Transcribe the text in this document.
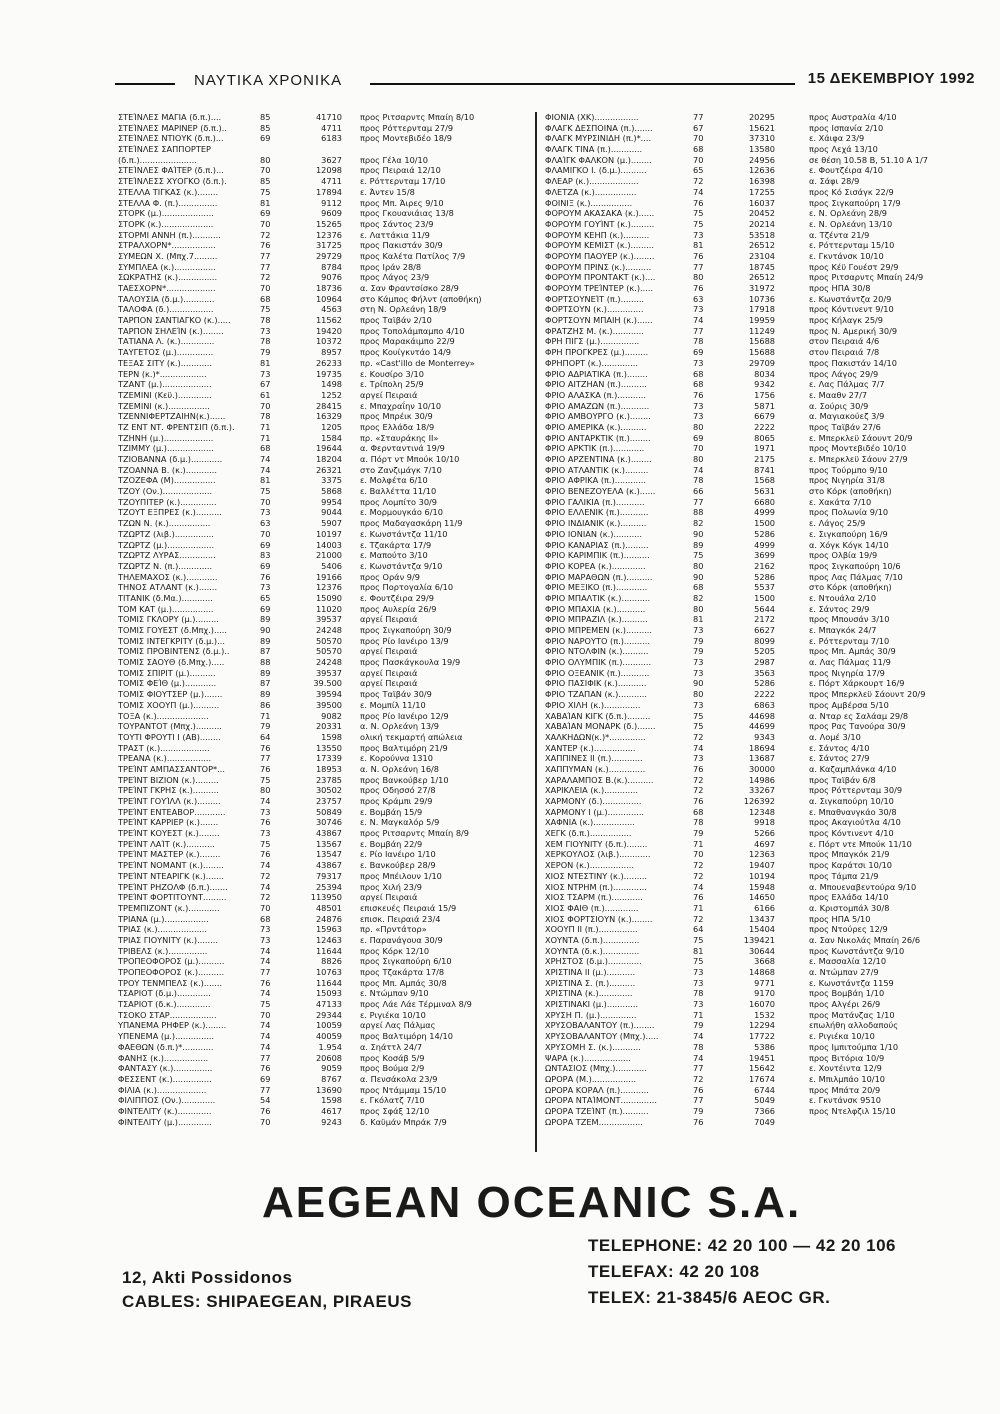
ΝΑΥΤΙΚΑ ΧΡΟΝΙΚΑ	15 ΔΕΚΕΜΒΡΙΟΥ 1992
ΣΤΕΊΝΛΕΣ ΜΑΓΙΑ (δ.π.)....	85	41710 προς Ριτσαρντς Μπαίη 8/10
ΣΤΕΊΝΛΕΣ ΜΑΡΙΝΕΡ (δ.π.)..	85	4711 προς Ρόττερνταμ 27/9
ΣΤΕΊΝΛΕΣ ΝΤΙΟΥΚ (δ.π.)...	69	6183 προς Μοντεβιδέο 18/9
ΣΤΕΊΝΛΕΣ ΣΑΠΠΟΡΤΕΡ
(δ.π.)......................	80	3627 προς Γέλα 10/10
ΣΤΕΊΝΛΕΣ ΦΑΊΤΕΡ (δ.π.)...	70	12098 προς Πειραιά 12/10
ΣΤΕΊΝΛΕΣΣ ΧΥΟΓΚΟ (δ.π.).	85	4711 ε. Ρόττερνταμ 17/10
ΣΤΕΛΛΑ ΤΙΓΚΑΣ (κ.)........	75	17894 ε. Άντεν 15/8
ΣΤΕΛΛΑ Φ. (π.)...............	81	9112 προς Μπ. Άιρες 9/10
ΣΤΟΡΚ (μ.)....................	69	9609 προς Γκουανιάιας 13/8
ΣΤΟΡΚ (κ.)....................	70	15265 προς Σάντος 23/9
ΣΤΟΡΜΙ ΑΝΝΗ (π.)...........	72	12376 ε. Λαττάκια 11/9
ΣΤΡΑΛΧΟΡΝ*.................	76	31725 προς Πακιστάν 30/9
ΣΥΜΕΩΝ Χ. (Μπχ.7.........	77	29729 προς Καλέτα Πατίλος 7/9
ΣΥΜΠΛΕΑ (κ.)................	77	8784 προς Ιράν 28/8
ΣΩΚΡΑΤΗΣ (κ.)...............	72	9076 προς Λάγος 23/9
ΤΑΕΣΧΟΡΝ*...................	70	18736 α. Σαν Φραντσίσκο 28/9
ΤΑΛΟΥΣΙΑ (δ.μ.)............	68	10964 στο Κάμπος Φήλντ (αποθήκη)
ΤΑΛΟΦΑ (δ.).................	75	4563 στη Ν. Ορλεάνη 18/9
ΤΑΡΠΟΝ ΣΑΝΤΙΑΓΚΟ (κ.).....	78	11562 προς Ταϊβάν 2/10
ΤΑΡΠΟΝ ΣΗΛΕΊΝ (κ.)........	73	19420 προς Τοπολάμπαμπο 4/10
ΤΑΤΙΑΝΑ Λ. (κ.).............	78	10372 προς Μαρακάιμπο 22/9
ΤΑΥΓΕΤΟΣ (μ.)..............	79	8957 προς Κουίγκντάο 14/9
ΤΕΞΑΣ ΣΙΤΥ (κ.)............	81	26233 πρ. «Cast'illo de Monterrey»
ΤΕΡΝ (κ.)*..................	73	19735 ε. Κουσίρο 3/10
ΤΖΑΝΤ (μ.)...................	67	1498 ε. Τρίπολη 25/9
ΤΖΕΜΙΝΙ (Κεϋ.).............	61	1252 αργεί Πειραιά
ΤΖΕΜΙΝΙ (κ.)................	70	28415 ε. Μπαχραΐην 10/10
ΤΖΕΝΝΙΦΕΡΤΖΑΙΗΝ(κ.)......	78	16329 προς Μπρέικ 30/9
ΤΖ ΕΝΤ ΝΤ. ΦΡΕΝΤΣΙΠ (δ.π.).	71	1205 προς Ελλάδα 18/9
ΤΖΗΝΗ (μ.)...................	71	1584 πρ. «Σταυράκης ΙΙ»
ΤΖΙΜΜΥ (μ.)..................	68	19644 α. Φερνταντινά 19/9
ΤΖΙΟΒΑΝΝΑ (δ.μ.)............	74	18204 α. Πόρτ ντ Μπούκ 10/10
ΤΖΟΑΝΝΑ Β. (κ.)............	74	26321 στο Ζανζιμάγκ 7/10
ΤΖΟΖΕΦΑ (Μ)................	81	3375 ε. Μολφέτα 6/10
ΤΖΟΥ (Ον.)...................	75	5868 ε. Βαλλέττα 11/10
ΤΖΟΥΠΙΤΕΡ (κ.)..............	70	9954 προς Λομπίτο 30/9
ΤΖΟΥΤ ΕΞΠΡΕΣ (κ.)..........	73	9044 ε. Μορμουγκάο 6/10
ΤΖΩΝ Ν. (κ.)................	63	5907 προς Μαδαγασκάρη 11/9
ΤΖΩΡΤΖ (λιβ.)...............	70	10197 ε. Κωνστάντζα 11/10
ΤΖΩΡΤΖ (μ.)..................	69	14003 ε. Τζακάρτα 17/9
ΤΖΩΡΤΖ ΛΥΡΑΣ..............	83	21000 ε. Μαπούτο 3/10
ΤΖΩΡΤΖ Ν. (π.).............	69	5406 ε. Κωνστάντζα 9/10
ΤΗΛΕΜΑΧΟΣ (κ.)............	76	19166 προς Οράν 9/9
ΤΗΝΟΣ ΑΤΛΑΝΤ (κ.).......	73	12376 προς Πορτογαλία 6/10
ΤΙΤΑΝΙΚ (δ.Μα.)............	65	15090 ε. Φουτζέιρα 29/9
ΤΟΜ ΚΑΤ (μ.)................	69	11020 προς Αυλερία 26/9
ΤΟΜΙΣ ΓΚΛΟΡΥ (μ.).........	89	39537 αργεί Πειραιά
ΤΟΜΙΣ ΓΟΥΕΣΤ (δ.Μπχ.).....	90	24248 προς Σιγκαπούρη 30/9
ΤΟΜΙΣ ΙΝΤΕΓΚΡΙΤΥ (δ.μ.)...	89	50570 προς Ρίο Ιανέιρο 13/9
ΤΟΜΙΣ ΠΡΟΒΙΝΤΕΝΣ (δ.μ.)..	87	50570 αργεί Πειραιά
ΤΟΜΙΣ ΣΑΟΥΘ (δ.Μπχ.).....	88	24248 προς Πασκάγκουλα 19/9
ΤΟΜΙΣ ΣΠΙΡΙΤ (μ.)..........	89	39537 αργεί Πειραιά
ΤΟΜΙΣ ΦΕΊΘ (μ.)............	87	39.500 αργεί Πειραιά
ΤΟΜΙΣ ΦΙΟΥΤΣΕΡ (μ.).......	89	39594 προς Ταϊβάν 30/9
ΤΟΜΙΣ ΧΟΟΥΠ (μ.)..........	86	39500 ε. Μομπίλ 11/10
ΤΟΞΑ (κ.)....................	71	9082 προς Ρίο Ιανέιρο 12/9
ΤΟΥΡΑΝΤΟΤ (Μπχ.)..........	79	20331 α. Ν. Ορλεάνη 13/9
ΤΟΥΤΙ ΦΡΟΥΤΙ Ι (ΑΒ)........	64	1598 ολική τεκμαρτή απώλεια
ΤΡΑΣΤ (κ.)...................	76	13550 προς Βαλτιμόρη 21/9
ΤΡΕΑΝΑ (κ.).................	77	17339 ε. Κορούννα 1310
ΤΡΕΊΝΤ ΑΜΠΑΣΣΑΝΤΟΡ*...	76	18953 α. Ν. Ορλεάνη 16/8
ΤΡΕΊΝΤ ΒΙΖΙΟΝ (κ.).........	75	23785 προς Βανκούβερ 1/10
ΤΡΕΊΝΤ ΓΚΡΗΣ (κ.)..........	80	30502 προς Οδησσό 27/8
ΤΡΕΊΝΤ ΓΟΥΊΛΛ (κ.).........	74	23757 προς Κράμπι 29/9
ΤΡΕΊΝΤ ΕΝΤΕΑΒΟΡ............	73	50849 ε. Βομβάη 15/9
ΤΡΕΊΝΤ ΚΑΡΡΙΕΡ (κ.).......	76	30746 ε. Ν. Μαγκαλόρ 5/9
ΤΡΕΊΝΤ ΚΟΥΕΣΤ (κ.)........	73	43867 προς Ριτσαρντς Μπαίη 8/9
ΤΡΕΊΝΤ ΛΑΊΤ (κ.)...........	75	13567 ε. Βομβάη 22/9
ΤΡΕΊΝΤ ΜΑΣΤΕΡ (κ.)........	76	13547 ε. Ρίο Ιανέιρο 1/10
ΤΡΕΊΝΤ ΝΟΜΑΝΤ (κ.)........	74	43867 ε. Βανκούβερ 28/9
ΤΡΕΊΝΤ ΝΤΕΑΡΙΓΚ (κ.).......	72	79317 προς Μπέιλουν 1/10
ΤΡΕΊΝΤ ΡΗΖΟΛΦ (δ.π.).......	74	25394 προς Χιλή 23/9
ΤΡΕΊΝΤ ΦΟΡΤΙΤΟΥΝΤ.........	72	113950 αργεί Πειραιά
ΤΡΕΜΠΙΖΟΝΤ (κ.)............	70	48501 επισκευές Πειραιά 15/9
ΤΡΙΑΝΑ (μ.).................	68	24876 επισκ. Πειραιά 23/4
ΤΡΙΑΣ (κ.)...................	73	15963 πρ. «Πρντάτορ»
ΤΡΙΑΣ ΓΙΟΥΝΙΤΥ (κ.)........	73	12463 ε. Παρανάγουα 30/9
ΤΡΙΒΕΛΣ (κ.)...............	74	11644 προς Κόρκ 12/10
ΤΡΟΠΕΟΦΟΡΟΣ (μ.)..........	74	8826 προς Σιγκαπούρη 6/10
ΤΡΟΠΕΟΦΟΡΟΣ (κ.)..........	77	10763 προς Τζακάρτα 17/8
ΤΡΟΥ ΤΕΝΜΠΕΛΣ (κ.).......	76	11644 προς Μπ. Αμπάς 30/8
ΤΣΑΡΙΟΤ (δ.μ.).............	74	15093 ε. Ντώμπαν 9/10
ΤΣΑΡΙΟΤ (δ.κ.).............	75	47133 προς Λάε Λάε Τέρμιναλ 8/9
ΤΣΟΚΟ ΣΤΑΡ..................	70	29344 ε. Ριγιέκα 10/10
ΥΠΑΝΕΜΑ ΡΗΦΕΡ (κ.)........	74	10059 αργεί Λας Πάλμας
ΥΠΕΝΕΜΑ (μ.)...............	74	40059 προς Βαλτιμόρη 14/10
ΦΑΕΘΩΝ (δ.π.)*............	74	1.954 α. Σηάττλ 24/7
ΦΑΝΗΣ (κ.).................	77	20608 προς Κοσάβ 5/9
ΦΑΝΤΑΣΥ (κ.)...............	76	9059 προς Βούμα 2/9
ΦΕΣΣΕΝΤ (κ.)...............	69	8767 α. Πενσάκολα 23/9
ΦΙΛΙΑ (κ.)...................	77	13690 προς Ντάμμαμ 15/10
ΦΙΛΙΠΠΟΣ (Ον.).............	54	1598 ε. Γκόλατζ 7/10
ΦΙΝΤΕΛΙΤΥ (κ.).............	76	4617 προς Σφάξ 12/10
ΦΙΝΤΕΛΙΤΥ (μ.).............	70	9243 δ. Καϋμάν Μπράκ 7/9
ΦΙΟΝΙΑ (ΧΚ).................	77	20295	προς Αυστραλία 4/10
ΦΛΑΓΚ ΔΕΣΠΟΙΝΑ (π.).......	67	15621	προς Ισπανία 2/10
ΦΛΑΓΚ ΜΥΡΣΙΝΙΔΗ (π.)*....	70	37310	ε. Χάιφα 23/9
ΦΛΑΓΚ ΤΙΝΑ (π.)............	68	13580	προς Λεχά 13/10
ΦΛΑΊΓΚ ΦΑΛΚΟΝ (μ.)........	70	24956	σε θέση 10.58 Β, 51.10 Α 1/7
ΦΛΑΜΙΓΚΟ Ι. (δ.μ.)..........	65	12636	ε. Φουτζέιρα 4/10
ΦΛΕΑΡ (κ.)...................	72	16398	α. Σάφι 28/9
ΦΛΕΤΖΑ (κ.)................	74	17255	προς Κό Σισάγκ 22/9
ΦΟΙΝΙΞ (κ.)................	76	16037	προς Σιγκαπούρη 17/9
ΦΟΡΟΥΜ ΑΚΑΣΑΚΑ (κ.)......	75	20452	ε. Ν. Ορλεάνη 28/9
ΦΟΡΟΥΜ ΓΟΥΊΝΤ (κ.).........	75	20214	ε. Ν. Ορλεάνη 13/10
ΦΟΡΟΥΜ ΚΕΗΠ (κ.)..........	73	53518	α. Τζέντα 21/9
ΦΟΡΟΥΜ ΚΕΜΙΣΤ (κ.).........	81	26512	ε. Ρόττερνταμ 15/10
ΦΟΡΟΥΜ ΠΑΟΥΕΡ (κ.)........	76	23104	ε. Γκντάνσκ 10/10
ΦΟΡΟΥΜ ΠΡΙΝΣ (κ.)..........	77	18745	προς Κέϋ Γουέστ 29/9
ΦΟΡΟΥΜ ΠΡΟΝΤΑΚΤ (κ.)....	80	26512	προς Ριτσαρντς Μπαίη 24/9
ΦΟΡΟΥΜ ΤΡΕΊΝΤΕΡ (κ.).....	76	31972	προς ΗΠΑ 30/8
ΦΟΡΤΣΟΥΝΕΊΤ (π.).........	63	10736	ε. Κωνστάντζα 20/9
ΦΟΡΤΣΟΥΝ (κ.)..............	73	17918	προς Κόντινεντ 9/10
ΦΟΡΤΣΟΥΝ ΜΠΑΙΗ (κ.)......	74	19959	προς Κήλαγκ 25/9
ΦΡΑΤΖΗΣ Μ. (κ.)............	77	11249	προς Ν. Αμερική 30/9
ΦΡΗ ΠΙΓΣ (μ.)...............	78	15688	στον Πειραιά 4/6
ΦΡΗ ΠΡΟΓΚΡΕΣ (μ.).........	69	15688	στον Πειραιά 7/8
ΦΡΗΠΟΡΤ (κ.)..............	73	29709	προς Πακιστάν 14/10
ΦΡΙΟ ΑΔΡΙΑΤΙΚΑ (π.)........	68	8034	προς Λάγος 29/9
ΦΡΙΟ ΑΙΤΖΗΑΝ (π.)..........	68	9342	ε. Λας Πάλμας 7/7
ΦΡΙΟ ΑΛΑΣΚΑ (π.)...........	76	1756	ε. Μααθν 27/7
ΦΡΙΟ ΑΜΑΖΩΝ (π.)...........	73	5871	α. Σούρις 30/9
ΦΡΙΟ ΑΜΒΟΥΡΓΟ (κ.)........	73	6679	α. Μαγιακούεζ 3/9
ΦΡΙΟ ΑΜΕΡΙΚΑ (κ.)..........	80	2222	προς Ταϊβάν 27/6
ΦΡΙΟ ΑΝΤΑΡΚΤΙΚ (π.)........	69	8065	ε. Μπερκλεϋ Σάουντ 20/9
ΦΡΙΟ ΑΡΚΤΙΚ (π.)............	70	1971	προς Μοντεβιδέο 10/10
ΦΡΙΟ ΑΡΖΕΝΤΙΝΑ (κ.)........	80	2175	ε. Μπερκλεϋ Σάουν 27/9
ΦΡΙΟ ΑΤΛΑΝΤΙΚ (κ.).........	74	8741	προς Τούρμπο 9/10
ΦΡΙΟ ΑΦΡΙΚΑ (π.)............	78	1568	προς Νιγηρία 31/8
ΦΡΙΟ ΒΕΝΕΖΟΥΕΛΑ (κ.)......	66	5631	στο Κόρκ (αποθήκη)
ΦΡΙΟ ΓΑΛΙΚΙΑ (π.)...........	77	6680	ε. Χακάτα 7/10
ΦΡΙΟ ΕΛΛΕΝΙΚ (π.)...........	88	4999	προς Πολωνία 9/10
ΦΡΙΟ ΙΝΔΙΑΝΙΚ (κ.)..........	82	1500	ε. Λάγος 25/9
ΦΡΙΟ ΙΟΝΙΑΝ (κ.)...........	90	5286	ε. Σιγκαπούρη 16/9
ΦΡΙΟ ΚΑΝΑΡΙΑΣ (π.).........	89	4999	α. Χόγκ Κόγκ 14/10
ΦΡΙΟ ΚΑΡΙΜΠΙΚ (π.)..........	75	3699	προς Ολβία 19/9
ΦΡΙΟ ΚΟΡΕΑ (κ.).............	80	2162	προς Σιγκαπούρη 10/6
ΦΡΙΟ ΜΑΡΑΘΩΝ (π.)..........	90	5286	προς Λας Πάλμας 7/10
ΦΡΙΟ ΜΕΞΙΚΟ (π.)............	68	5537	στο Κόρκ (αποθήκη)
ΦΡΙΟ ΜΠΑΛΤΙΚ (κ.)...........	82	1500	ε. Ντουάλα 2/10
ΦΡΙΟ ΜΠΑΧΙΑ (κ.)...........	80	5644	ε. Σάντος 29/9
ΦΡΙΟ ΜΠΡΑΖΙΛ (κ.)..........	81	2172	προς Μπουσάν 3/10
ΦΡΙΟ ΜΠΡΕΜΕΝ (κ.)..........	73	6627	ε. Μπαγκόκ 24/7
ΦΡΙΟ ΝΑΡΟΥΤΟ (π.)..........	79	8099	ε. Ρόττερνταμ 7/10
ΦΡΙΟ ΝΤΟΛΦΙΝ (κ.)..........	79	5205	προς Μπ. Αμπάς 30/9
ΦΡΙΟ ΟΛΥΜΠΙΚ (π.)...........	73	2987	α. Λας Πάλμας 11/9
ΦΡΙΟ ΟΞΕΑΝΙΚ (π.)...........	73	3563	προς Νιγηρία 17/9
ΦΡΙΟ ΠΑΣΙΦΙΚ (κ.)...........	90	5286	ε. Πόρτ Χάρκουρτ 16/9
ΦΡΙΟ ΤΖΑΠΑΝ (κ.)...........	80	2222	προς Μπερκλεϋ Σάουντ 20/9
ΦΡΙΟ ΧΙΛΗ (κ.)..............	73	6863	προς Αμβέρσα 5/10
ΧΑΒΑΊΑΝ ΚΙΓΚ (δ.π.).........	75	44698	α. Νταρ ες Σαλάαμ 29/8
ΧΑΒΑΊΑΝ ΜΟΝΑΡΚ (δ.).......	75	44699	προς Ρας Τανούρα 30/9
ΧΑΛΚΗΔΩΝ(κ.)*..............	72	9343	α. Λομέ 3/10
ΧΑΝΤΕΡ (κ.)................	74	18694	ε. Σάντος 4/10
ΧΑΠΠΙΝΕΣ ΙΙ (π.)............	73	13687	ε. Σάντος 27/9
ΧΑΠΠΥΜΑΝ (κ.)..............	76	30000	α. Καζαμπλάνκα 4/10
ΧΑΡΑΛΑΜΠΟΣ Β.(κ.)..........	72	14986	προς Ταϊβάν 6/8
ΧΑΡΙΚΛΕΙΑ (κ.).............	72	33267	προς Ρόττερνταμ 30/9
ΧΑΡΜΟΝΥ (δ.)...............	76	126392	α. Σιγκαπούρη 10/10
ΧΑΡΜΟΝΥ Ι (μ.)..............	68	12348	ε. Μπαθνανγκάο 30/8
ΧΑΦΝΙΑ (κ.)................	78	9918	προς Ακαγιούτλα 4/10
ΧΕΓΚ (δ.π.)................	79	5266	προς Κόντινεντ 4/10
ΧΕΜ ΓΙΟΥΝΙΤΥ (δ.π.)........	71	4697	ε. Πόρτ ντε Μπούκ 11/10
ΧΕΡΚΟΥΛΟΣ (λιβ.)............	70	12363	προς Μπαγκόκ 21/9
ΧΕΡΟΝ (κ.).................	72	19407	προς Καράτσι 10/10
ΧΙΟΣ ΝΤΕΣΤΙΝΥ (κ.).........	72	10194	προς Τάμπα 21/9
ΧΙΟΣ ΝΤΡΗΜ (π.).............	74	15948	α. Μπουεναβεντούρα 9/10
ΧΙΟΣ ΤΣΑΡΜ (π.)............	76	14650	προς Ελλάδα 14/10
ΧΙΟΣ ΦΑΙΘ (π.).............	71	6166	α. Κριστομπάλ 30/8
ΧΙΟΣ ΦΟΡΤΣΙΟΥΝ (κ.)........	72	13437	προς ΗΠΑ 5/10
ΧΟΟΥΠ ΙΙ (π.)...............	64	15404	προς Ντούρες 12/9
ΧΟΥΝΤΑ (δ.π.)..............	75	139421	α. Σαν Νικολάς Μπαίη 26/6
ΧΟΥΝΤΑ (δ.κ.)..............	81	30644	προς Κωνστάντζα 9/10
ΧΡΗΣΤΟΣ (δ.μ.).............	75	3668	ε. Μασσαλία 12/10
ΧΡΙΣΤΙΝΑ ΙΙ (μ.)...........	73	14868	α. Ντώμπαν 27/9
ΧΡΙΣΤΙΝΑ Σ. (π.)..........	73	9771	ε. Κωνστάντζα 1159
ΧΡΙΣΤΙΝΑ (κ.).............	78	9170	προς Βομβάη 1/10
ΧΡΙΣΤΙΝΑΚΙ (μ.)............	73	16070	προς Αλγέρι 26/9
ΧΡΥΣΗ Π. (μ.)..............	71	1532	προς Ματάνζας 1/10
ΧΡΥΣΟΒΑΛΑΝΤΟΥ (π.)........	79	12294	επωλήθη αλλοδαπούς
ΧΡΥΣΟΒΑΛΑΝΤΟΥ (Μπχ.).....	74	17722	ε. Ριγιέκα 10/10
ΧΡΥΣΟΜΗ Σ. (κ.)...........	78	5386	προς Ιμπιτούμπα 1/10
ΨΑΡΑ (κ.)..................	74	19451	προς Βιτόρια 10/9
ΩΝΤΑΣΙΟΣ (Μπχ.)............	77	15642	ε. Χοντέιντα 12/9
ΩΡΟΡΑ (Μ.).................	72	17674	ε. Μπιλμπάο 10/10
ΩΡΟΡΑ ΚΟΡΑΛ (π.)...........	76	6744	προς Μπάτα 20/9
ΩΡΟΡΑ ΝΤΑΊΜΟΝΤ..............	77	5049	ε. Γκντάνσκ 9510
ΩΡΟΡΑ ΤΖΕΊΝΤ (π.)..........	79	7366	προς Ντελφζιλ 15/10
ΩΡΟΡΑ ΤΖΕΜ.................	76	7049
AEGEAN OCEANIC S.A.
TELEPHONE: 42 20 100 — 42 20 106
TELEFAX: 42 20 108
12, Akti Possidonos
TELEX: 21-3845/6 AEOC GR.
CABLES: SHIPAEGEAN, PIRAEUS
